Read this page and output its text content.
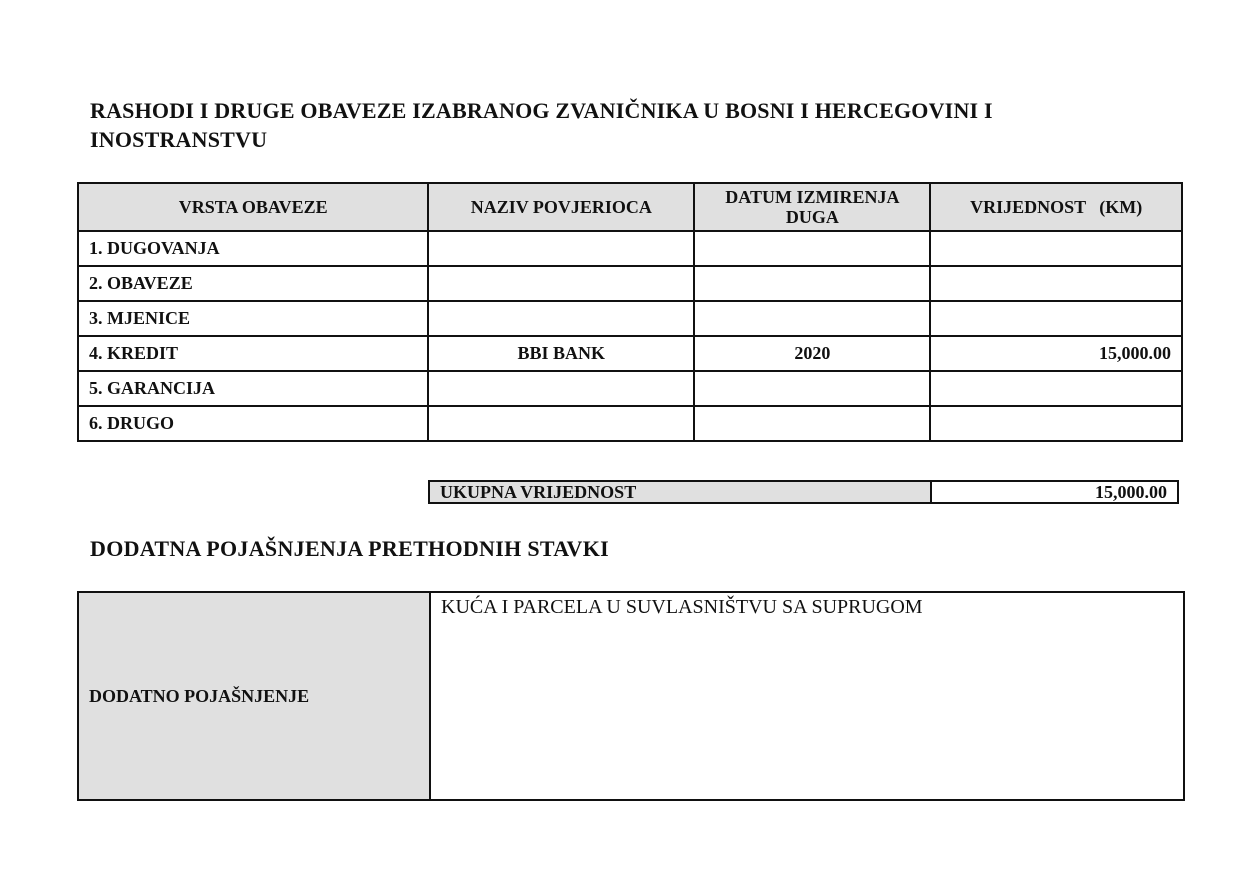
RASHODI I DRUGE OBAVEZE IZABRANOG ZVANIČNIKA U BOSNI I HERCEGOVINI I INOSTRANSTVU
VRSTA OBAVEZE	NAZIV POVJERIOCA	DATUM IZMIRENJA DUGA	VRIJEDNOST   (KM)
1. DUGOVANJA			
2. OBAVEZE			
3. MJENICE			
4. KREDIT	BBI BANK	2020	15,000.00
5. GARANCIJA			
6. DRUGO			
UKUPNA VRIJEDNOST	15,000.00
DODATNA POJAŠNJENJA PRETHODNIH STAVKI
DODATNO POJAŠNJENJE	KUĆA I PARCELA U SUVLASNIŠTVU SA SUPRUGOM
